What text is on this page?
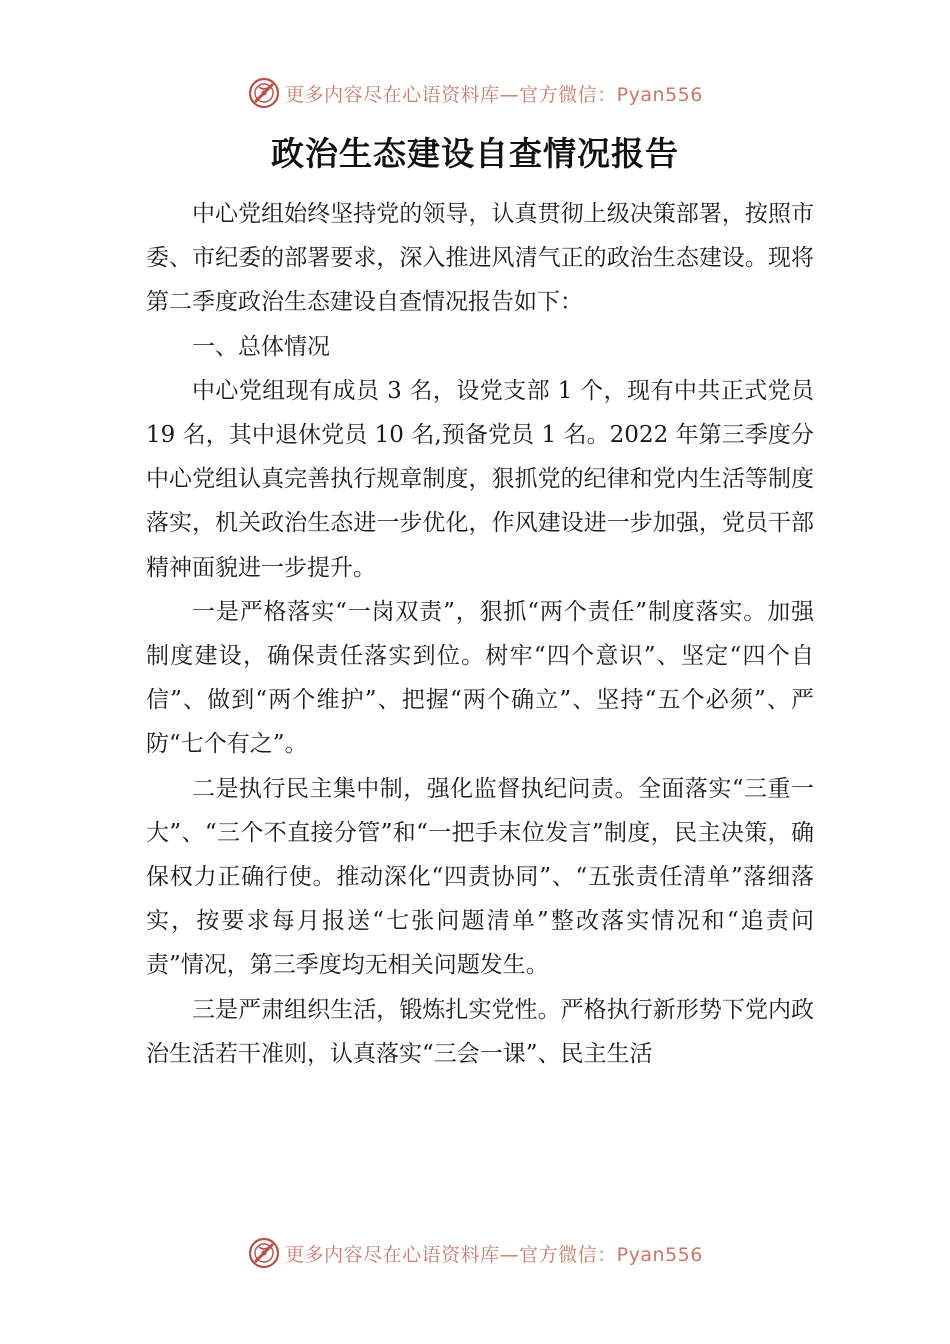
更多内容尽在心语资料库—官方微信：Pyan556
政治生态建设自查情况报告

中心党组始终坚持党的领导，认真贯彻上级决策部署，按照市委、市纪委的部署要求，深入推进风清气正的政治生态建设。现将第二季度政治生态建设自查情况报告如下：

一、总体情况

中心党组现有成员 3 名，设党支部 1 个，现有中共正式党员 19 名，其中退休党员 10 名,预备党员 1 名。2022 年第三季度分中心党组认真完善执行规章制度，狠抓党的纪律和党内生活等制度落实，机关政治生态进一步优化，作风建设进一步加强，党员干部精神面貌进一步提升。

一是严格落实“一岗双责”，狠抓“两个责任”制度落实。加强制度建设，确保责任落实到位。树牢“四个意识”、坚定“四个自信”、做到“两个维护”、把握“两个确立”、坚持“五个必须”、严防“七个有之”。

二是执行民主集中制，强化监督执纪问责。全面落实“三重一大”、“三个不直接分管”和“一把手末位发言”制度，民主决策，确保权力正确行使。推动深化“四责协同”、“五张责任清单”落细落实，按要求每月报送“七张问题清单”整改落实情况和“追责问责”情况，第三季度均无相关问题发生。

三是严肃组织生活，锻炼扎实党性。严格执行新形势下党内政治生活若干准则，认真落实“三会一课”、民主生活

更多内容尽在心语资料库—官方微信：Pyan556
